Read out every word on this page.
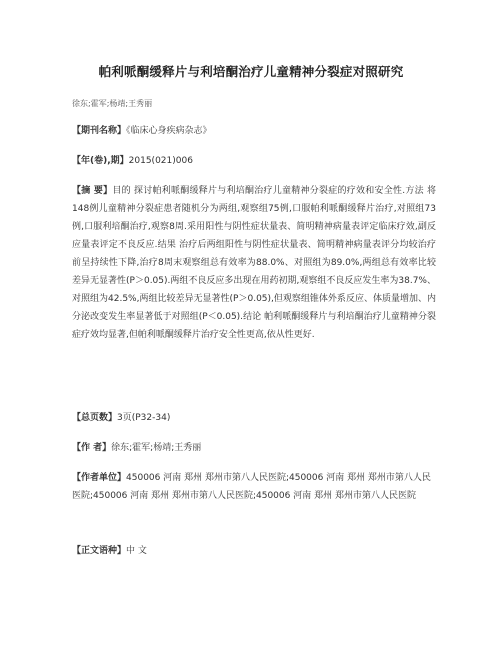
帕利哌酮缓释片与利培酮治疗儿童精神分裂症对照研究
徐东;霍军;杨靖;王秀丽
【期刊名称】《临床心身疾病杂志》
【年(卷),期】2015(021)006
【摘 要】目的 探讨帕利哌酮缓释片与利培酮治疗儿童精神分裂症的疗效和安全性.方法 将148例儿童精神分裂症患者随机分为两组,观察组75例,口服帕利哌酮缓释片治疗,对照组73例,口服利培酮治疗,观察8周.采用阳性与阴性症状量表、简明精神病量表评定临床疗效,副反应量表评定不良反应.结果 治疗后两组阳性与阴性症状量表、简明精神病量表评分均较治疗前呈持续性下降,治疗8周末观察组总有效率为88.0%、对照组为89.0%,两组总有效率比较差异无显著性(P＞0.05).两组不良反应多出现在用药初期,观察组不良反应发生率为38.7%、对照组为42.5%,两组比较差异无显著性(P＞0.05),但观察组锥体外系反应、体质量增加、内分泌改变发生率显著低于对照组(P＜0.05).结论 帕利哌酮缓释片与利培酮治疗儿童精神分裂症疗效均显著,但帕利哌酮缓释片治疗安全性更高,依从性更好.
【总页数】3页(P32-34)
【作 者】徐东;霍军;杨靖;王秀丽
【作者单位】450006 河南 郑州 郑州市第八人民医院;450006 河南 郑州 郑州市第八人民医院;450006 河南 郑州 郑州市第八人民医院;450006 河南 郑州 郑州市第八人民医院
【正文语种】中 文
